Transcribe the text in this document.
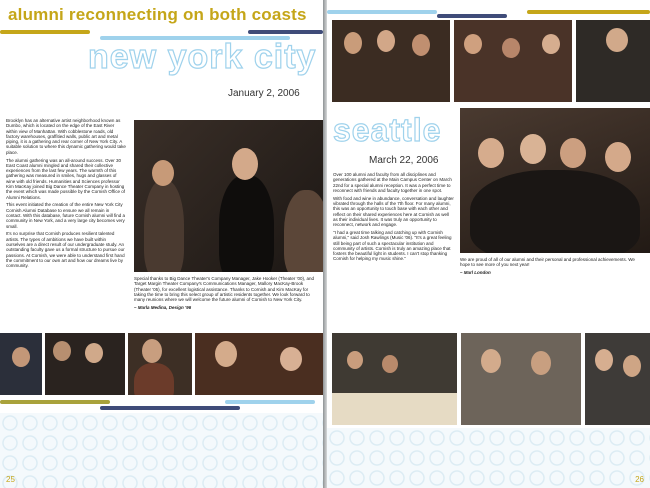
alumni reconnecting on both coasts
new york city
January 2, 2006

Brooklyn has an alternative artist neighborhood known as Dumbo, which is located on the edge of the East River within view of Manhattan. With cobblestone roads, old factory warehouses, graffitied walls, public art and metal piping, it is a gathering and rear corner of New York City. A suitable solution to where this dynamic gathering would take place.

The alumni gathering was an all-around success. Over 30 East Coast alumni mingled and shared their collective experiences from the last few years. The warmth of this gathering was measured in smiles, hugs and glasses of wine with old friends. Humanities and Sciences professor Kim MacKay joined Big Dance Theater Company in hosting the event which was made possible by the Cornish Office of Alumni Relations.

This event initiated the creation of the entire New York City Cornish Alumni Database to ensure we all remain in contact. With this database, future Cornish alumni will find a community in New York, and a very large city becomes very small.

It's no surprise that Cornish produces resilient talented artists. The types of ambitions we have built within ourselves are a direct result of our undergraduate study. An outstanding faculty gave us a formal structure to pursue our passions. At Cornish, we were able to understand first hand the commitment to our own art and how our dreams live by community.

Special thanks to Big Dance Theater's Company Manager, Jake Hooker (Theater '00), and Target Margin Theater Company's Communications Manager, Mallory MacKay-Brook (Theater '05), for excellent logistical assistance. Thanks to Cornish and Kim MacKay for taking the time to bring this select group of artistic residents together. We look forward to many reunions where we will welcome the future alumni of Cornish to New York City.

– Marla Medina, Design '96

25
seattle
March 22, 2006

Over 100 alumni and faculty from all disciplines and generations gathered at the Main Campus Center on March 22nd for a special alumni reception. It was a perfect time to reconnect with friends and faculty together in one spot.

With food and wine in abundance, conversation and laughter vibrated through the halls of the 7th floor. For many alumni, this was an opportunity to touch base with each other and reflect on their shared experiences here at Cornish as well as their individual lives. It was truly an opportunity to reconnect, network and engage.

"I had a great time talking and catching up with Cornish alumni," said Josh Rawlings (Music '06). "It's a great feeling still being part of such a spectacular institution and community of artists. Cornish is truly an amazing place that fosters the beautiful light in students. I can't stop thanking Cornish for helping my music shine."	We are proud of all of our alumni and their personal and professional achievements. We hope to see more of you next year!

– Marl London

26
